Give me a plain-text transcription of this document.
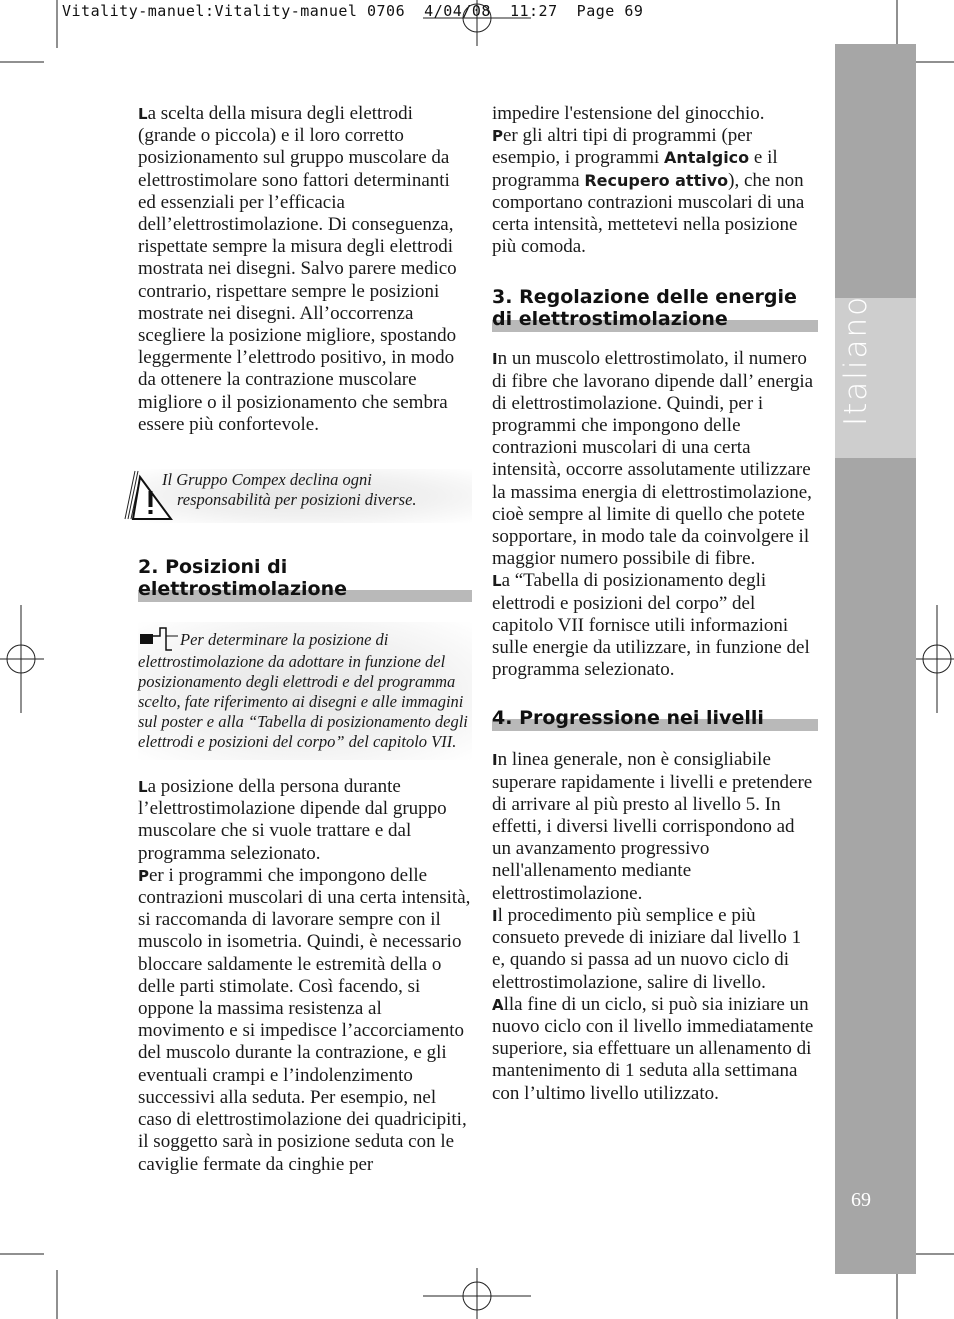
Vitality-manuel:Vitality-manuel 0706  4/04/08  11:27  Page 69

La scelta della misura degli elettrodi (grande o piccola) e il loro corretto posizionamento sul gruppo muscolare da elettrostimolare sono fattori determinanti ed essenziali per l’efficacia dell’elettrostimolazione. Di conseguenza, rispettate sempre la misura degli elettrodi mostrata nei disegni. Salvo parere medico contrario, rispettare sempre le posizioni mostrate nei disegni. All’occorrenza scegliere la posizione migliore, spostando leggermente l’elettrodo positivo, in modo da ottenere la contrazione muscolare migliore o il posizionamento che sembra essere più confortevole.

Il Gruppo Compex declina ogni
responsabilità per posizioni diverse.
2. Posizioni di elettrostimolazione
Per determinare la posizione di elettrostimolazione da adottare in funzione del posizionamento degli elettrodi e del programma scelto, fate riferimento ai disegni e alle immagini sul poster e alla “Tabella di posizionamento degli elettrodi e posizioni del corpo” del capitolo VII.

La posizione della persona durante l’elettrostimolazione dipende dal gruppo muscolare che si vuole trattare e dal programma selezionato.

Per i programmi che impongono delle contrazioni muscolari di una certa intensità, si raccomanda di lavorare sempre con il muscolo in isometria. Quindi, è necessario bloccare saldamente le estremità della o delle parti stimolate. Così facendo, si oppone la massima resistenza al movimento e si impedisce l’accorciamento del muscolo durante la contrazione, e gli eventuali crampi e l’indolenzimento successivi alla seduta. Per esempio, nel caso di elettrostimolazione dei quadricipiti, il soggetto sarà in posizione seduta con le caviglie fermate da cinghie per

impedire l'estensione del ginocchio.

Per gli altri tipi di programmi (per esempio, i programmi Antalgico e il programma Recupero attivo), che non comportano contrazioni muscolari di una certa intensità, mettetevi nella posizione più comoda.

3. Regolazione delle energie di elettrostimolazione

In un muscolo elettrostimolato, il numero di fibre che lavorano dipende dall’ energia di elettrostimolazione. Quindi, per i programmi che impongono delle contrazioni muscolari di una certa intensità, occorre assolutamente utilizzare la massima energia di elettrostimolazione, cioè sempre al limite di quello che potete sopportare, in modo tale da coinvolgere il maggior numero possibile di fibre.

La “Tabella di posizionamento degli elettrodi e posizioni del corpo” del capitolo VII fornisce utili informazioni sulle energie da utilizzare, in funzione del programma selezionato.

4. Progressione nei livelli

In linea generale, non è consigliabile superare rapidamente i livelli e pretendere di arrivare al più presto al livello 5. In effetti, i diversi livelli corrispondono ad un avanzamento progressivo nell'allenamento mediante elettrostimolazione.

Il procedimento più semplice e più consueto prevede di iniziare dal livello 1 e, quando si passa ad un nuovo ciclo di elettrostimolazione, salire di livello.

Alla fine di un ciclo, si può sia iniziare un nuovo ciclo con il livello immediatamente superiore, sia effettuare un allenamento di mantenimento di 1 seduta alla settimana con l’ultimo livello utilizzato.

Italiano
69
